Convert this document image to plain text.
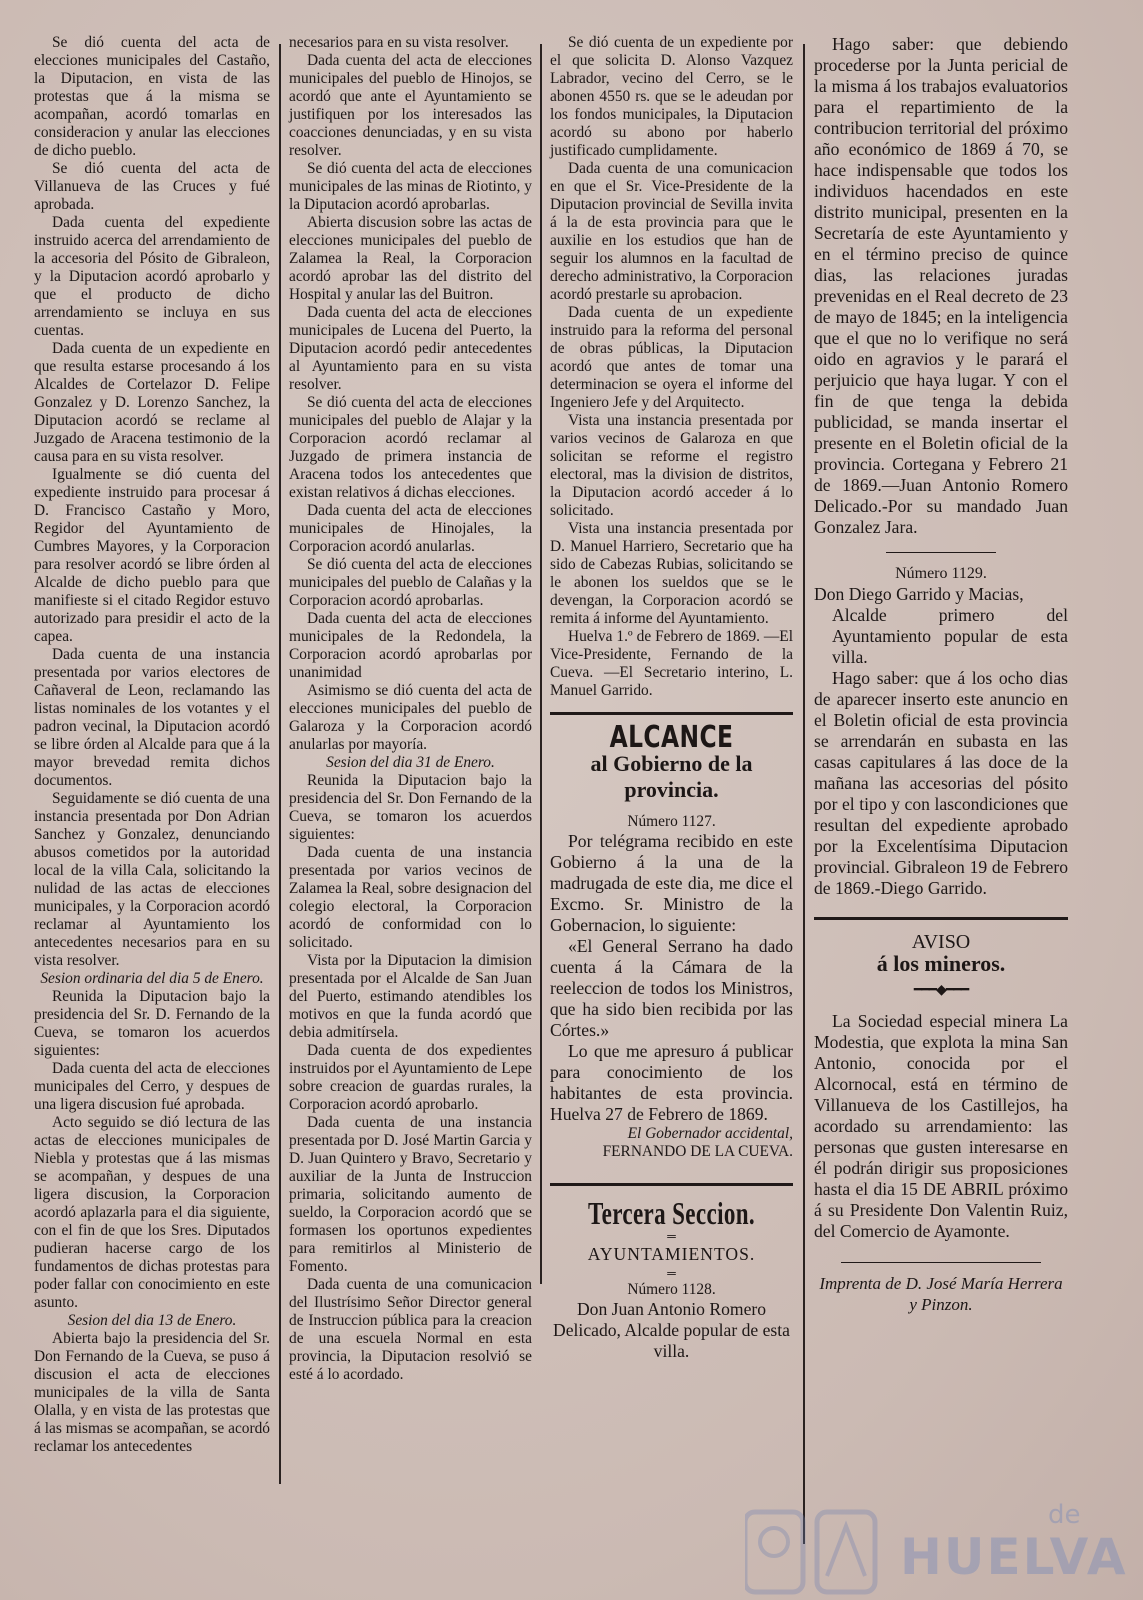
Se dió cuenta del acta de elecciones municipales del Castaño, la Diputacion, en vista de las protestas que á la misma se acompañan, acordó tomarlas en consideracion y anular las elecciones de dicho pueblo.

Se dió cuenta del acta de Villanueva de las Cruces y fué aprobada.

Dada cuenta del expediente instruido acerca del arrendamiento de la accesoria del Pósito de Gibraleon, y la Diputacion acordó aprobarlo y que el producto de dicho arrendamiento se incluya en sus cuentas.

Dada cuenta de un expediente en que resulta estarse procesando á los Alcaldes de Cortelazor D. Felipe Gonzalez y D. Lorenzo Sanchez, la Diputacion acordó se reclame al Juzgado de Aracena testimonio de la causa para en su vista resolver.

Igualmente se dió cuenta del expediente instruido para procesar á D. Francisco Castaño y Moro, Regidor del Ayuntamiento de Cumbres Mayores, y la Corporacion para resolver acordó se libre órden al Alcalde de dicho pueblo para que manifieste si el citado Regidor estuvo autorizado para presidir el acto de la capea.

Dada cuenta de una instancia presentada por varios electores de Cañaveral de Leon, reclamando las listas nominales de los votantes y el padron vecinal, la Diputacion acordó se libre órden al Alcalde para que á la mayor brevedad remita dichos documentos.

Seguidamente se dió cuenta de una instancia presentada por Don Adrian Sanchez y Gonzalez, denunciando abusos cometidos por la autoridad local de la villa Cala, solicitando la nulidad de las actas de elecciones municipales, y la Corporacion acordó reclamar al Ayuntamiento los antecedentes necesarios para en su vista resolver.

Sesion ordinaria del dia 5 de Enero.

Reunida la Diputacion bajo la presidencia del Sr. D. Fernando de la Cueva, se tomaron los acuerdos siguientes:

Dada cuenta del acta de elecciones municipales del Cerro, y despues de una ligera discusion fué aprobada.

Acto seguido se dió lectura de las actas de elecciones municipales de Niebla y protestas que á las mismas se acompañan, y despues de una ligera discusion, la Corporacion acordó aplazarla para el dia siguiente, con el fin de que los Sres. Diputados pudieran hacerse cargo de los fundamentos de dichas protestas para poder fallar con conocimiento en este asunto.

Sesion del dia 13 de Enero.

Abierta bajo la presidencia del Sr. Don Fernando de la Cueva, se puso á discusion el acta de elecciones municipales de la villa de Santa Olalla, y en vista de las protestas que á las mismas se acompañan, se acordó reclamar los antecedentes

necesarios para en su vista resolver.

Dada cuenta del acta de elecciones municipales del pueblo de Hinojos, se acordó que ante el Ayuntamiento se justifiquen por los interesados las coacciones denunciadas, y en su vista resolver.

Se dió cuenta del acta de elecciones municipales de las minas de Riotinto, y la Diputacion acordó aprobarlas.

Abierta discusion sobre las actas de elecciones municipales del pueblo de Zalamea la Real, la Corporacion acordó aprobar las del distrito del Hospital y anular las del Buitron.

Dada cuenta del acta de elecciones municipales de Lucena del Puerto, la Diputacion acordó pedir antecedentes al Ayuntamiento para en su vista resolver.

Se dió cuenta del acta de elecciones municipales del pueblo de Alajar y la Corporacion acordó reclamar al Juzgado de primera instancia de Aracena todos los antecedentes que existan relativos á dichas elecciones.

Dada cuenta del acta de elecciones municipales de Hinojales, la Corporacion acordó anularlas.

Se dió cuenta del acta de elecciones municipales del pueblo de Calañas y la Corporacion acordó aprobarlas.

Dada cuenta del acta de elecciones municipales de la Redondela, la Corporacion acordó aprobarlas por unanimidad

Asimismo se dió cuenta del acta de elecciones municipales del pueblo de Galaroza y la Corporacion acordó anularlas por mayoría.

Sesion del dia 31 de Enero.

Reunida la Diputacion bajo la presidencia del Sr. Don Fernando de la Cueva, se tomaron los acuerdos siguientes:

Dada cuenta de una instancia presentada por varios vecinos de Zalamea la Real, sobre designacion del colegio electoral, la Corporacion acordó de conformidad con lo solicitado.

Vista por la Diputacion la dimision presentada por el Alcalde de San Juan del Puerto, estimando atendibles los motivos en que la funda acordó que debia admitírsela.

Dada cuenta de dos expedientes instruidos por el Ayuntamiento de Lepe sobre creacion de guardas rurales, la Corporacion acordó aprobarlo.

Dada cuenta de una instancia presentada por D. José Martin Garcia y D. Juan Quintero y Bravo, Secretario y auxiliar de la Junta de Instruccion primaria, solicitando aumento de sueldo, la Corporacion acordó que se formasen los oportunos expedientes para remitirlos al Ministerio de Fomento.

Dada cuenta de una comunicacion del Ilustrísimo Señor Director general de Instruccion pública para la creacion de una escuela Normal en esta provincia, la Diputacion resolvió se esté á lo acordado.

Se dió cuenta de un expediente por el que solicita D. Alonso Vazquez Labrador, vecino del Cerro, se le abonen 4550 rs. que se le adeudan por los fondos municipales, la Diputacion acordó su abono por haberlo justificado cumplidamente.

Dada cuenta de una comunicacion en que el Sr. Vice-Presidente de la Diputacion provincial de Sevilla invita á la de esta provincia para que le auxilie en los estudios que han de seguir los alumnos en la facultad de derecho administrativo, la Corporacion acordó prestarle su aprobacion.

Dada cuenta de un expediente instruido para la reforma del personal de obras públicas, la Diputacion acordó que antes de tomar una determinacion se oyera el informe del Ingeniero Jefe y del Arquitecto.

Vista una instancia presentada por varios vecinos de Galaroza en que solicitan se reforme el registro electoral, mas la division de distritos, la Diputacion acordó acceder á lo solicitado.

Vista una instancia presentada por D. Manuel Harriero, Secretario que ha sido de Cabezas Rubias, solicitando se le abonen los sueldos que se le devengan, la Corporacion acordó se remita á informe del Ayuntamiento.

Huelva 1.º de Febrero de 1869. —El Vice-Presidente, Fernando de la Cueva. —El Secretario interino, L. Manuel Garrido.

ALCANCE
al Gobierno de la provincia.

Número 1127.

Por telégrama recibido en este Gobierno á la una de la madrugada de este dia, me dice el Excmo. Sr. Ministro de la Gobernacion, lo siguiente:

«El General Serrano ha dado cuenta á la Cámara de la reeleccion de todos los Ministros, que ha sido bien recibida por las Córtes.»

Lo que me apresuro á publicar para conocimiento de los habitantes de esta provincia. Huelva 27 de Febrero de 1869.

El Gobernador accidental,

FERNANDO DE LA CUEVA.

Tercera Seccion.
═

AYUNTAMIENTOS.

═

Número 1128.

Don Juan Antonio Romero Delicado, Alcalde popular de esta villa.

Hago saber: que debiendo procederse por la Junta pericial de la misma á los trabajos evaluatorios para el repartimiento de la contribucion territorial del próximo año económico de 1869 á 70, se hace indispensable que todos los individuos hacendados en este distrito municipal, presenten en la Secretaría de este Ayuntamiento y en el término preciso de quince dias, las relaciones juradas prevenidas en el Real decreto de 23 de mayo de 1845; en la inteligencia que el que no lo verifique no será oido en agravios y le parará el perjuicio que haya lugar. Y con el fin de que tenga la debida publicidad, se manda insertar el presente en el Boletin oficial de la provincia. Cortegana y Febrero 21 de 1869.—Juan Antonio Romero Delicado.-Por su mandado Juan Gonzalez Jara.

Número 1129.

Don Diego Garrido y Macias,

Alcalde primero del Ayuntamiento popular de esta villa.

Hago saber: que á los ocho dias de aparecer inserto este anuncio en el Boletin oficial de esta provincia se arrendarán en subasta en las casas capitulares á las doce de la mañana las accesorias del pósito por el tipo y con lascondiciones que resultan del expediente aprobado por la Excelentísima Diputacion provincial. Gibraleon 19 de Febrero de 1869.-Diego Garrido.

AVISO
á los mineros.
━━━◆━━━

La Sociedad especial minera La Modestia, que explota la mina San Antonio, conocida por el Alcornocal, está en término de Villanueva de los Castillejos, ha acordado su arrendamiento: las personas que gusten interesarse en él podrán dirigir sus proposiciones hasta el dia 15 DE ABRIL próximo á su Presidente Don Valentin Ruiz, del Comercio de Ayamonte.

Imprenta de D. José María Herrera y Pinzon.

de
HUELVA
